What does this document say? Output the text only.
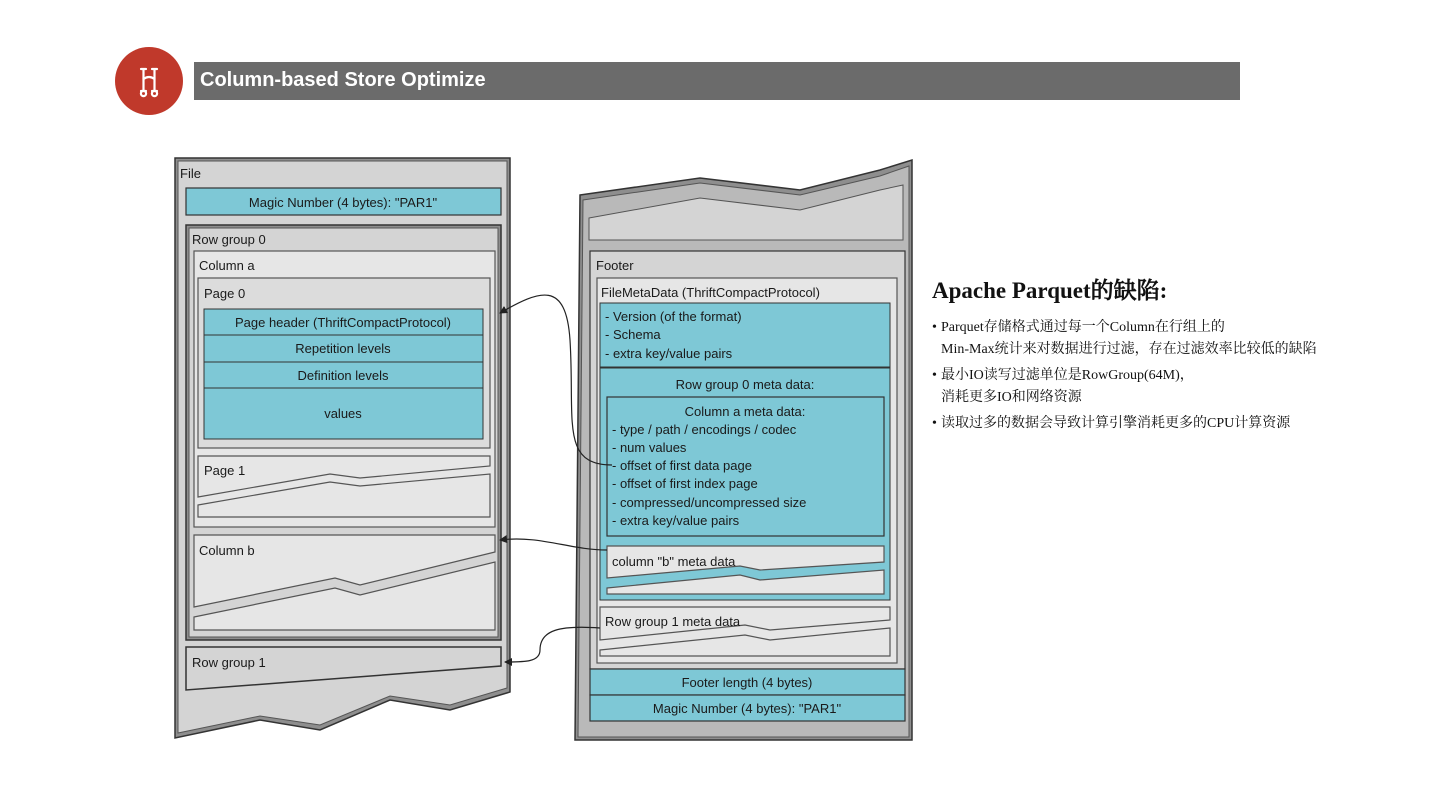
Column-based Store Optimize
File
Magic Number (4 bytes): "PAR1"
Row group 0
Column a
Page 0
Page header (ThriftCompactProtocol)
Repetition levels
Definition levels
values
Page 1
Column b
Row group 1
Footer
FileMetaData (ThriftCompactProtocol)
- Version (of the format)
- Schema
- extra key/value pairs
Row group 0 meta data:
Column a meta data:
- type / path / encodings / codec
- num values
- offset of first data page
- offset of first index page
- compressed/uncompressed size
- extra key/value pairs
column "b" meta data
Row group 1 meta data
Footer length (4 bytes)
Magic Number (4 bytes): "PAR1"
Apache Parquet的缺陷:
• Parquet存储格式通过每一个Column在行组上的
Min-Max统计来对数据进行过滤，存在过滤效率比较低的缺陷
• 最小IO读写过滤单位是RowGroup(64M)，
消耗更多IO和网络资源
• 读取过多的数据会导致计算引擎消耗更多的CPU计算资源
